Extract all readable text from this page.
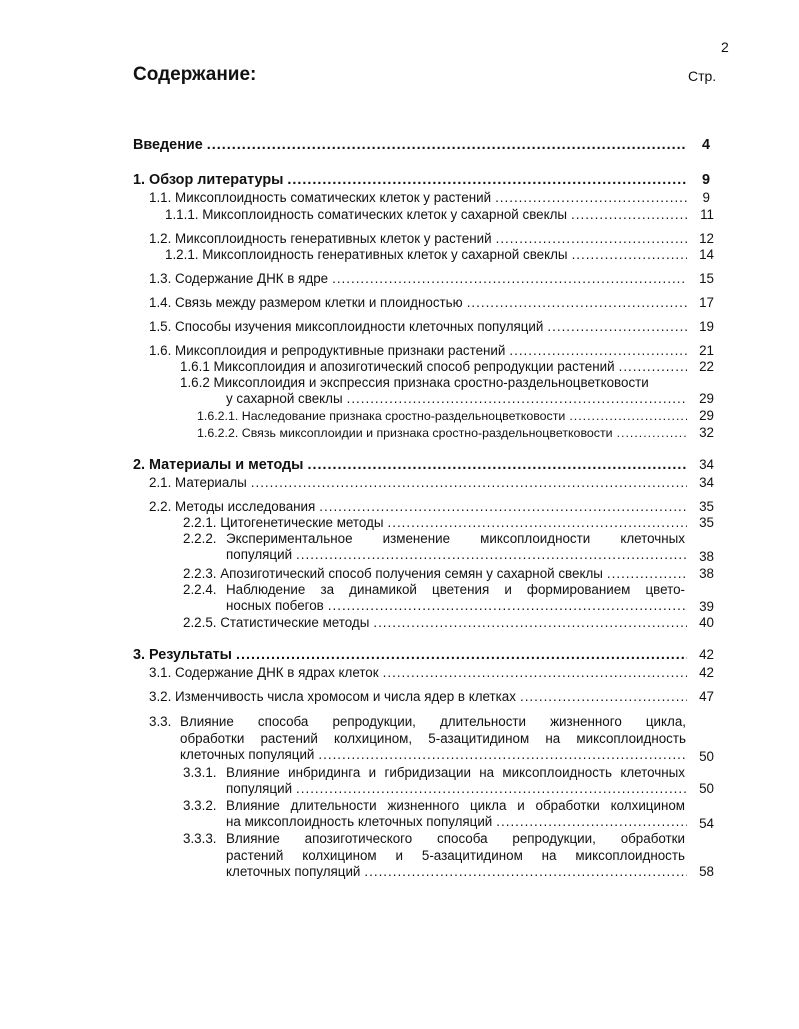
2
Содержание:	Стр.
Введение .....	4
1. Обзор литературы .....	9
1.1. Миксоплоидность соматических клеток у растений .....	9
1.1.1. Миксоплоидность соматических клеток у сахарной свеклы .....	11
1.2. Миксоплоидность генеративных клеток у растений .....	12
1.2.1. Миксоплоидность генеративных клеток у сахарной свеклы .....	14
1.3. Содержание ДНК в ядре .....	15
1.4. Связь между размером клетки и плоидностью .....	17
1.5. Способы изучения миксоплоидности клеточных популяций .....	19
1.6. Миксоплоидия и репродуктивные признаки растений .....	21
1.6.1 Миксоплоидия и апозиготический способ репродукции растений .....	22
1.6.2 Миксоплоидия и экспрессия признака сростно-раздельноцветковости
у сахарной свеклы .....	29
1.6.2.1. Наследование признака сростно-раздельноцветковости .....	29
1.6.2.2. Связь миксоплоидии и признака сростно-раздельноцветковости .....	32
2. Материалы и методы .....	34
2.1. Материалы .....	34
2.2. Методы исследования .....	35
2.2.1. Цитогенетические методы .....	35
2.2.2. Экспериментальное изменение миксоплоидности клеточных
популяций .....	38
2.2.3. Апозиготический способ получения семян у сахарной свеклы .....	38
2.2.4. Наблюдение за динамикой цветения и формированием цвето-
носных побегов .....	39
2.2.5. Статистические методы .....	40
3. Результаты .....	42
3.1. Содержание ДНК в ядрах клеток .....	42
3.2. Изменчивость числа хромосом и числа ядер в клетках .....	47
3.3. Влияние способа репродукции, длительности жизненного цикла,
обработки растений колхицином, 5-азацитидином на миксоплоидность
клеточных популяций .....	50
3.3.1. Влияние инбридинга и гибридизации на миксоплоидность клеточных
популяций .....	50
3.3.2. Влияние длительности жизненного цикла и обработки колхицином
на миксоплоидность клеточных популяций .....	54
3.3.3. Влияние апозиготического способа репродукции, обработки
растений колхицином и 5-азацитидином на миксоплоидность
клеточных популяций .....	58
